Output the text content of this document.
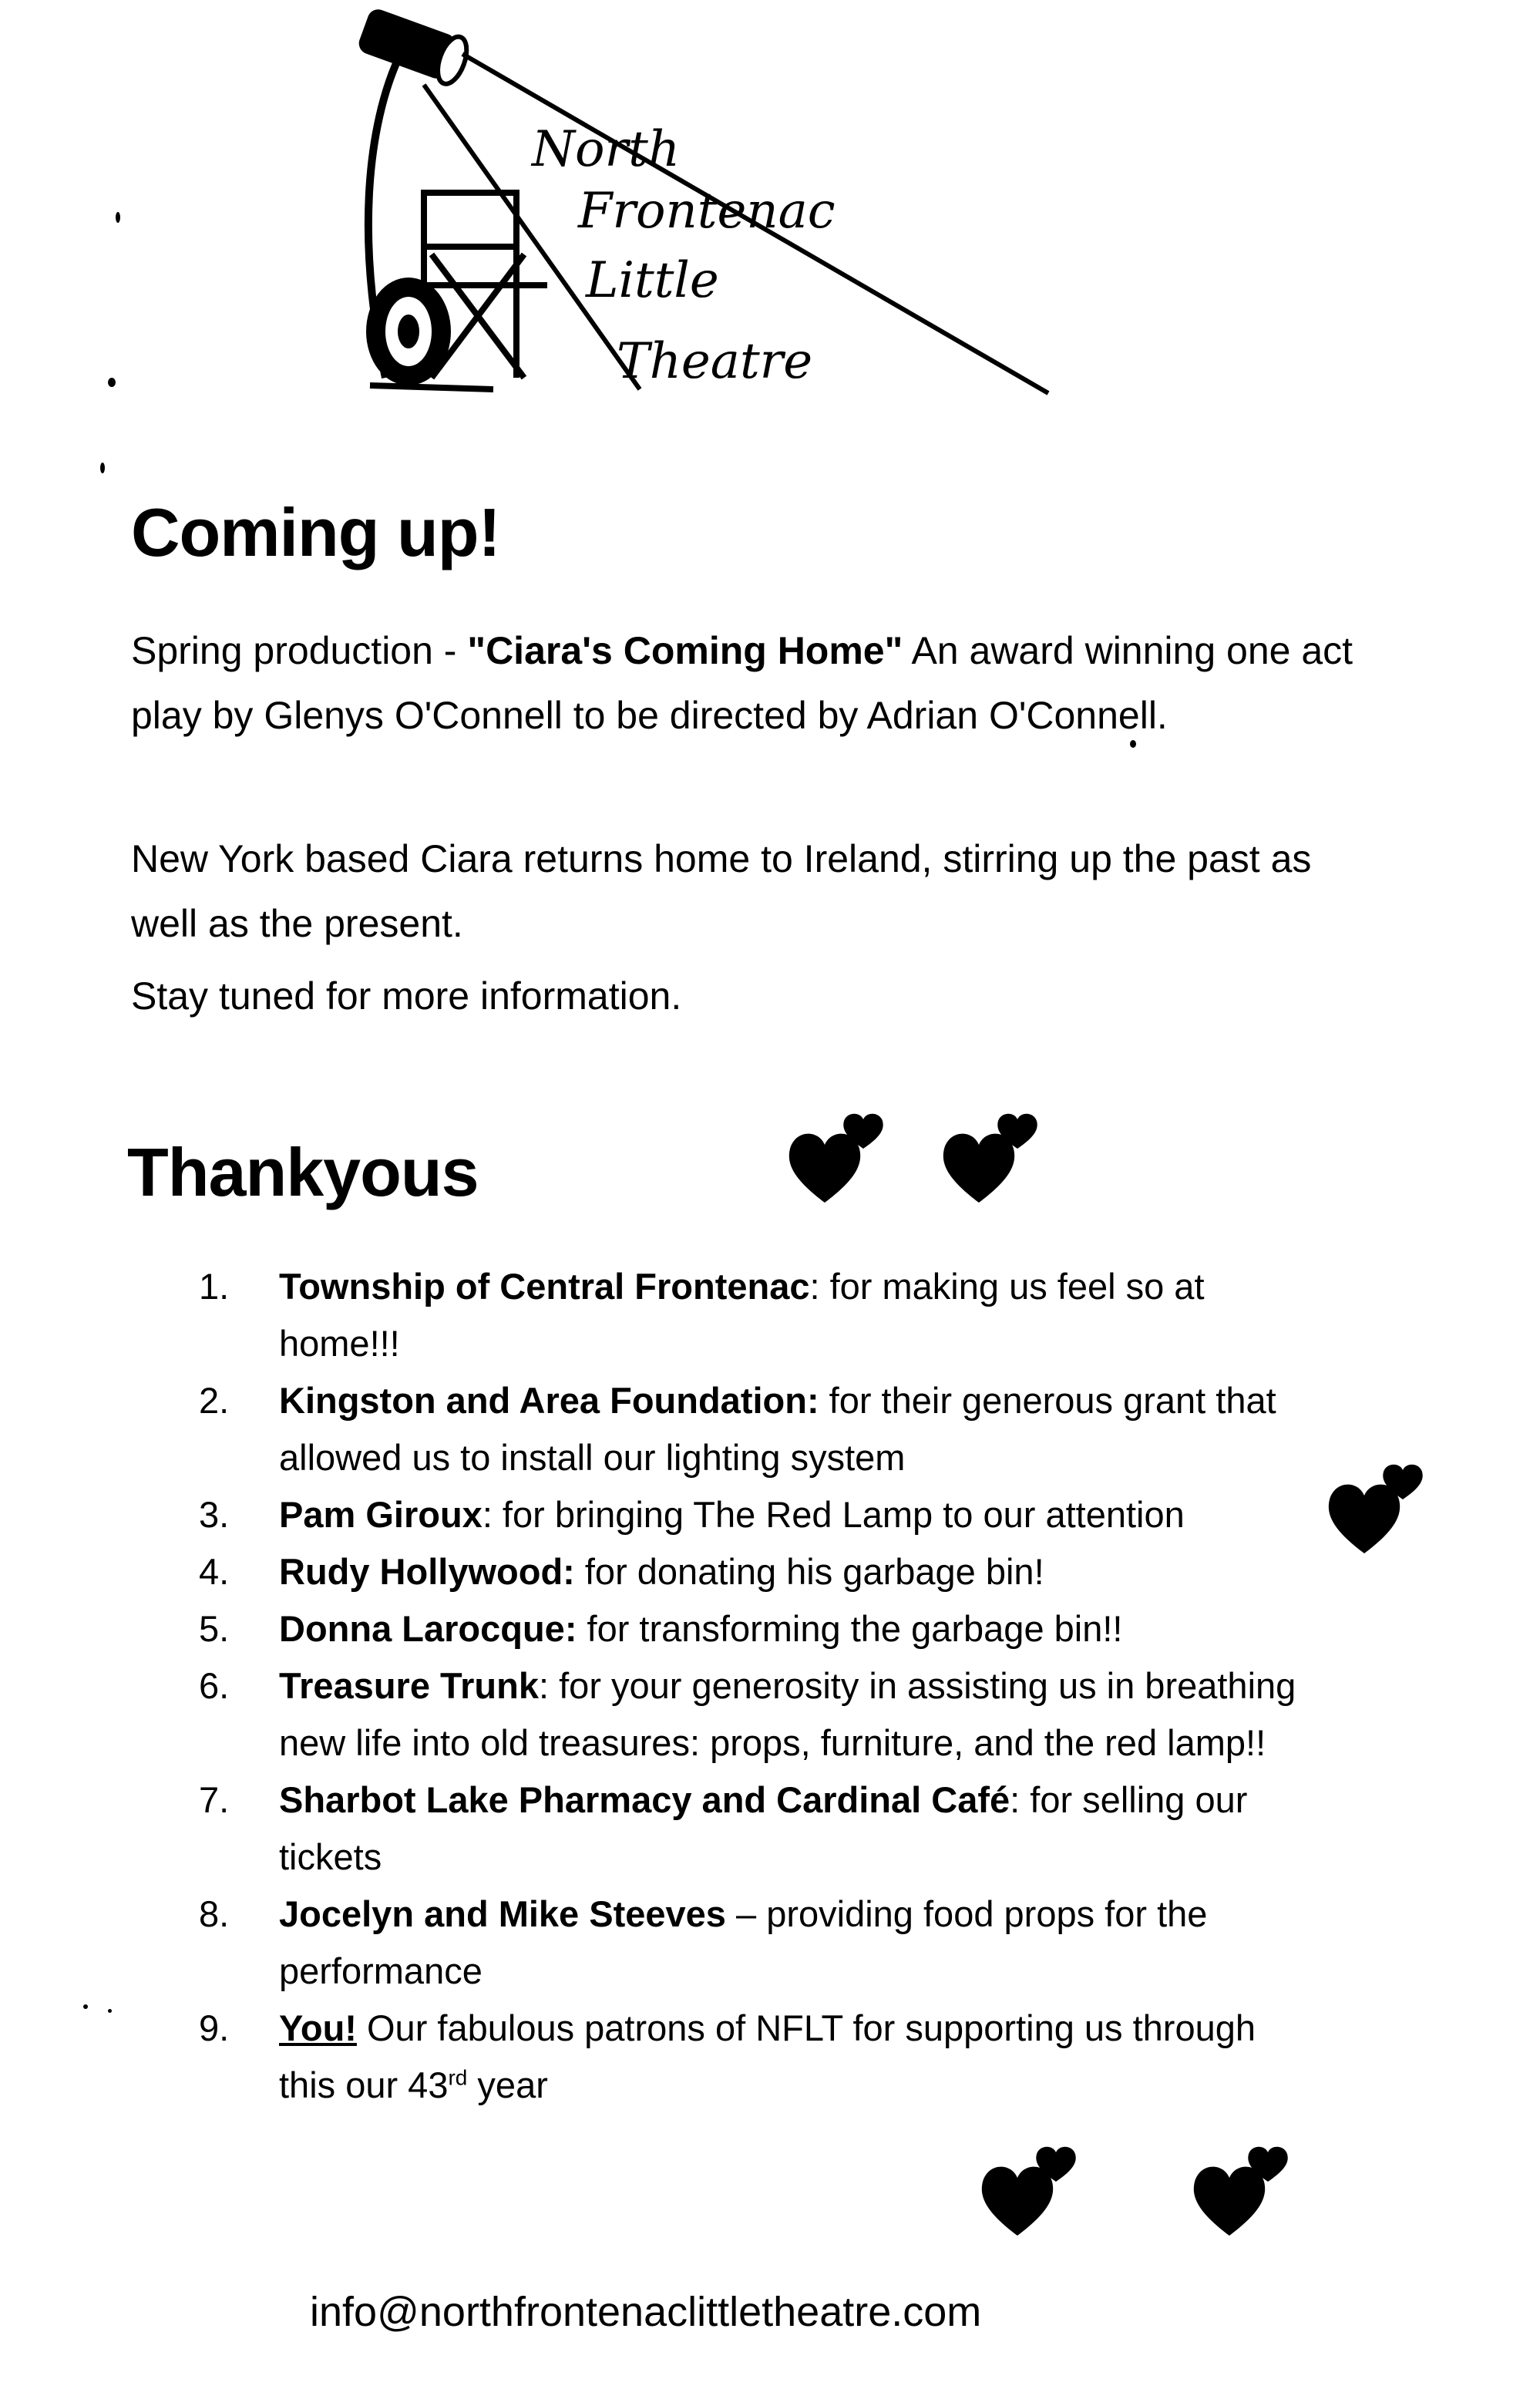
North
Frontenac
Little
Theatre
Coming up!

Spring production - "Ciara's Coming Home" An award winning one act play by Glenys O'Connell to be directed by Adrian O'Connell.

New York based Ciara returns home to Ireland, stirring up the past as well as the present.

Stay tuned for more information.

Thankyous
1. Township of Central Frontenac: for making us feel so at home!!!
2. Kingston and Area Foundation: for their generous grant that allowed us to install our lighting system
3. Pam Giroux: for bringing The Red Lamp to our attention
4. Rudy Hollywood: for donating his garbage bin!
5. Donna Larocque: for transforming the garbage bin!!
6. Treasure Trunk: for your generosity in assisting us in breathing new life into old treasures: props, furniture, and the red lamp!!
7. Sharbot Lake Pharmacy and Cardinal Café: for selling our tickets
8. Jocelyn and Mike Steeves – providing food props for the performance
9. You! Our fabulous patrons of NFLT for supporting us through this our 43rd year
info@northfrontenaclittletheatre.com
